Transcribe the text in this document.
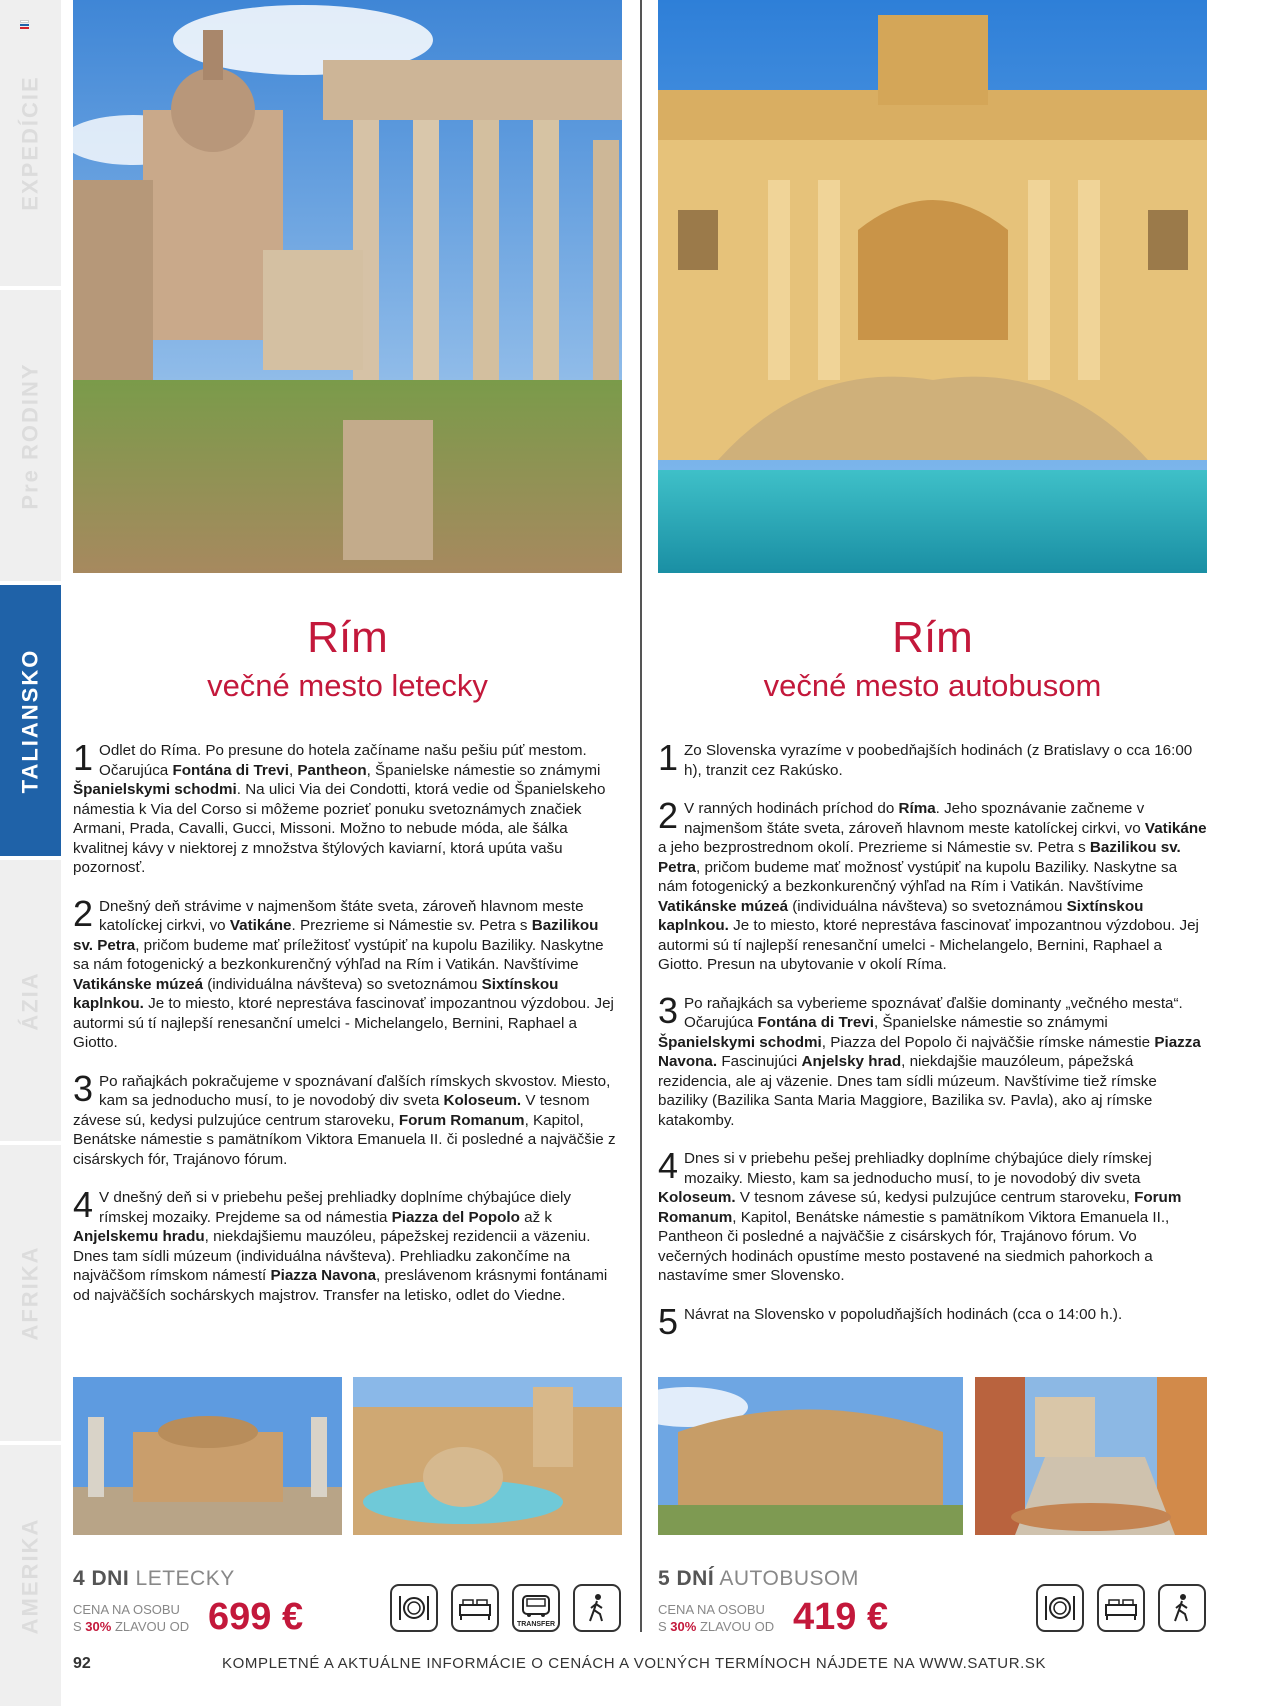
EXPEDÍCIE
Pre RODINY
TALIANSKO
ÁZIA
AFRIKA
AMERIKA
Rím
večné mesto letecky
Rím
večné mesto autobusom
1 Odlet do Ríma. Po presune do hotela začíname našu pešiu púť mestom. Očarujúca Fontána di Trevi, Pantheon, Španielske námestie so známymi Španielskymi schodmi. Na ulici Via dei Condotti, ktorá vedie od Španielskeho námestia k Via del Corso si môžeme pozrieť ponuku svetoznámych značiek Armani, Prada, Cavalli, Gucci, Missoni. Možno to nebude móda, ale šálka kvalitnej kávy v niektorej z množstva štýlových kaviarní, ktorá upúta vašu pozornosť.
2 Dnešný deň strávime v najmenšom štáte sveta, zároveň hlavnom meste katolíckej cirkvi, vo Vatikáne. Prezrieme si Námestie sv. Petra s Bazilikou sv. Petra, pričom budeme mať príležitosť vystúpiť na kupolu Baziliky. Naskytne sa nám fotogenický a bezkonkurenčný výhľad na Rím i Vatikán. Navštívime Vatikánske múzeá (individuálna návšteva) so svetoznámou Sixtínskou kaplnkou. Je to miesto, ktoré neprestáva fascinovať impozantnou výzdobou. Jej autormi sú tí najlepší renesanční umelci - Michelangelo, Bernini, Raphael a Giotto.
3 Po raňajkách pokračujeme v spoznávaní ďalších rímskych skvostov. Miesto, kam sa jednoducho musí, to je novodobý div sveta Koloseum. V tesnom závese sú, kedysi pulzujúce centrum staroveku, Forum Romanum, Kapitol, Benátske námestie s pamätníkom Viktora Emanuela II. či posledné a najväčšie z cisárskych fór, Trajánovo fórum.
4 V dnešný deň si v priebehu pešej prehliadky doplníme chýbajúce diely rímskej mozaiky. Prejdeme sa od námestia Piazza del Popolo až k Anjelskemu hradu, niekdajšiemu mauzóleu, pápežskej rezidencii a väzeniu. Dnes tam sídli múzeum (individuálna návšteva). Prehliadku zakončíme na najväčšom rímskom námestí Piazza Navona, preslávenom krásnymi fontánami od najväčších sochárskych majstrov. Transfer na letisko, odlet do Viedne.
1 Zo Slovenska vyrazíme v poobedňajších hodinách (z Bratislavy o cca 16:00 h), tranzit cez Rakúsko.
2 V ranných hodinách príchod do Ríma. Jeho spoznávanie začneme v najmenšom štáte sveta, zároveň hlavnom meste katolíckej cirkvi, vo Vatikáne a jeho bezprostrednom okolí. Prezrieme si Námestie sv. Petra s Bazilikou sv. Petra, pričom budeme mať možnosť vystúpiť na kupolu Baziliky. Naskytne sa nám fotogenický a bezkonkurenčný výhľad na Rím i Vatikán. Navštívime Vatikánske múzeá (individuálna návšteva) so svetoznámou Sixtínskou kaplnkou. Je to miesto, ktoré neprestáva fascinovať impozantnou výzdobou. Jej autormi sú tí najlepší renesanční umelci - Michelangelo, Bernini, Raphael a Giotto. Presun na ubytovanie v okolí Ríma.
3 Po raňajkách sa vyberieme spoznávať ďalšie dominanty „večného mesta“. Očarujúca Fontána di Trevi, Španielske námestie so známymi Španielskymi schodmi, Piazza del Popolo či najväčšie rímske námestie Piazza Navona. Fascinujúci Anjelsky hrad, niekdajšie mauzóleum, pápežská rezidencia, ale aj väzenie. Dnes tam sídli múzeum. Navštívime tiež rímske baziliky (Bazilika Santa Maria Maggiore, Bazilika sv. Pavla), ako aj rímske katakomby.
4 Dnes si v priebehu pešej prehliadky doplníme chýbajúce diely rímskej mozaiky. Miesto, kam sa jednoducho musí, to je novodobý div sveta Koloseum. V tesnom závese sú, kedysi pulzujúce centrum staroveku, Forum Romanum, Kapitol, Benátske námestie s pamätníkom Viktora Emanuela II., Pantheon či posledné a najväčšie z cisárskych fór, Trajánovo fórum. Vo večerných hodinách opustíme mesto postavené na siedmich pahorkoch a nastavíme smer Slovensko.
5 Návrat na Slovensko v popoludňajších hodinách (cca o 14:00 h.).
4 DNI LETECKY
CENA NA OSOBU
S 30% ZLAVOU OD 699 €	TRANSFER
5 DNÍ AUTOBUSOM
CENA NA OSOBU
S 30% ZLAVOU OD 419 €
92	KOMPLETNÉ A AKTUÁLNE INFORMÁCIE O CENÁCH A VOĽNÝCH TERMÍNOCH NÁJDETE NA WWW.SATUR.SK
